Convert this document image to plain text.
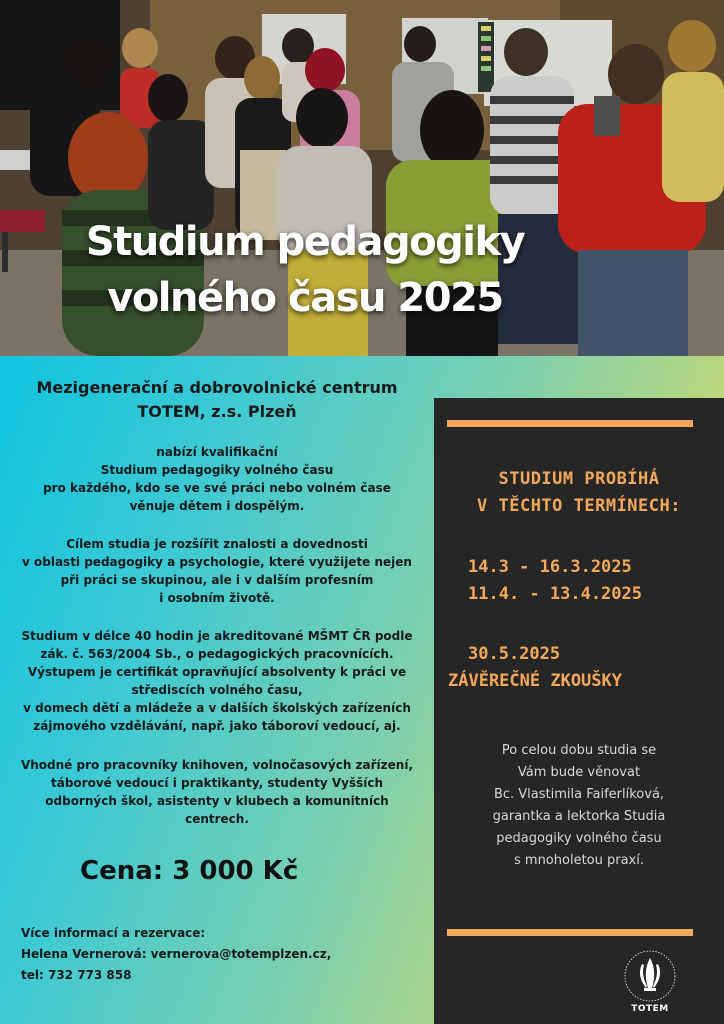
Studium pedagogiky
volného času 2025
Mezigenerační a dobrovolnické centrum
TOTEM, z.s. Plzeň

nabízí kvalifikační
Studium pedagogiky volného času
pro každého, kdo se ve své práci nebo volném čase
věnuje dětem i dospělým.

Cílem studia je rozšířit znalosti a dovednosti
v oblasti pedagogiky a psychologie, které využijete nejen
při práci se skupinou, ale i v dalším profesním
i osobním životě.

Studium v délce 40 hodin je akreditované MŠMT ČR podle
zák. č. 563/2004 Sb., o pedagogických pracovnících.
Výstupem je certifikát opravňující absolventy k práci ve
střediscích volného času,
v domech dětí a mládeže a v dalších školských zařízeních
zájmového vzdělávání, např. jako táboroví vedoucí, aj.

Vhodné pro pracovníky knihoven, volnočasových zařízení,
táborové vedoucí i praktikanty, studenty Vyšších
odborných škol, asistenty v klubech a komunitních
centrech.

Cena: 3 000 Kč
Více informací a rezervace:
Helena Vernerová: vernerova@totemplzen.cz,
tel: 732 773 858
STUDIUM PROBÍHÁ
V TĚCHTO TERMÍNECH:
14.3 - 16.3.2025
11.4. - 13.4.2025
30.5.2025
ZÁVĚREČNÉ ZKOUŠKY
Po celou dobu studia se
Vám bude věnovat
Bc. Vlastimila Faiferlíková,
garantka a lektorka Studia
pedagogiky volného času
s mnoholetou praxí.
TOTEM
